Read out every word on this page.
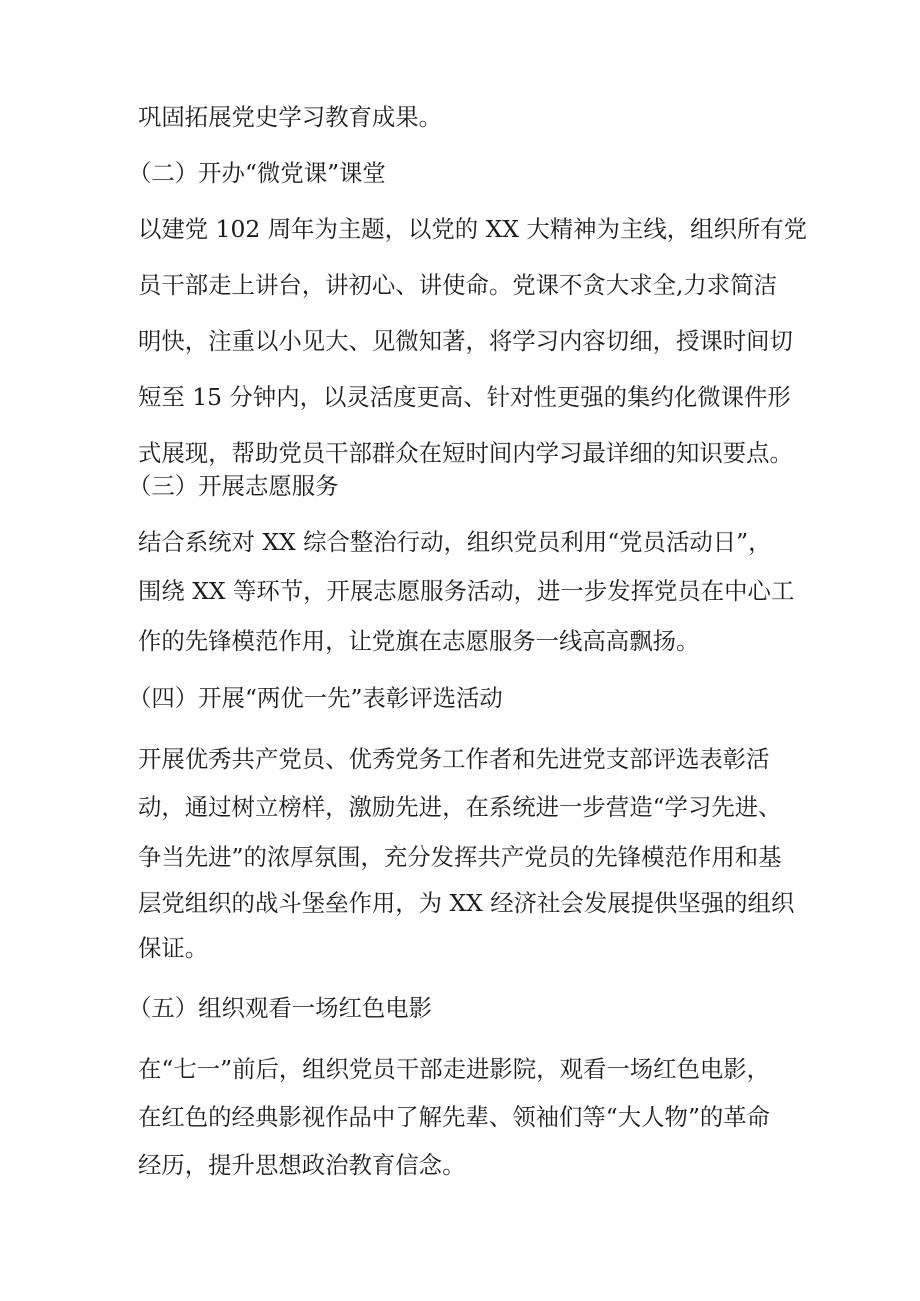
巩固拓展党史学习教育成果。
（二）开办“微党课”课堂
以建党 102 周年为主题，以党的 XX 大精神为主线，组织所有党
员干部走上讲台，讲初心、讲使命。党课不贪大求全,力求简洁
明快，注重以小见大、见微知著，将学习内容切细，授课时间切
短至 15 分钟内，以灵活度更高、针对性更强的集约化微课件形
式展现，帮助党员干部群众在短时间内学习最详细的知识要点。
（三）开展志愿服务
结合系统对 XX 综合整治行动，组织党员利用“党员活动日”，
围绕 XX 等环节，开展志愿服务活动，进一步发挥党员在中心工
作的先锋模范作用，让党旗在志愿服务一线高高飘扬。
（四）开展“两优一先”表彰评选活动
开展优秀共产党员、优秀党务工作者和先进党支部评选表彰活
动，通过树立榜样，激励先进，在系统进一步营造“学习先进、
争当先进”的浓厚氛围，充分发挥共产党员的先锋模范作用和基
层党组织的战斗堡垒作用，为 XX 经济社会发展提供坚强的组织
保证。
（五）组织观看一场红色电影
在“七一”前后，组织党员干部走进影院，观看一场红色电影，
在红色的经典影视作品中了解先辈、领袖们等“大人物”的革命
经历，提升思想政治教育信念。
